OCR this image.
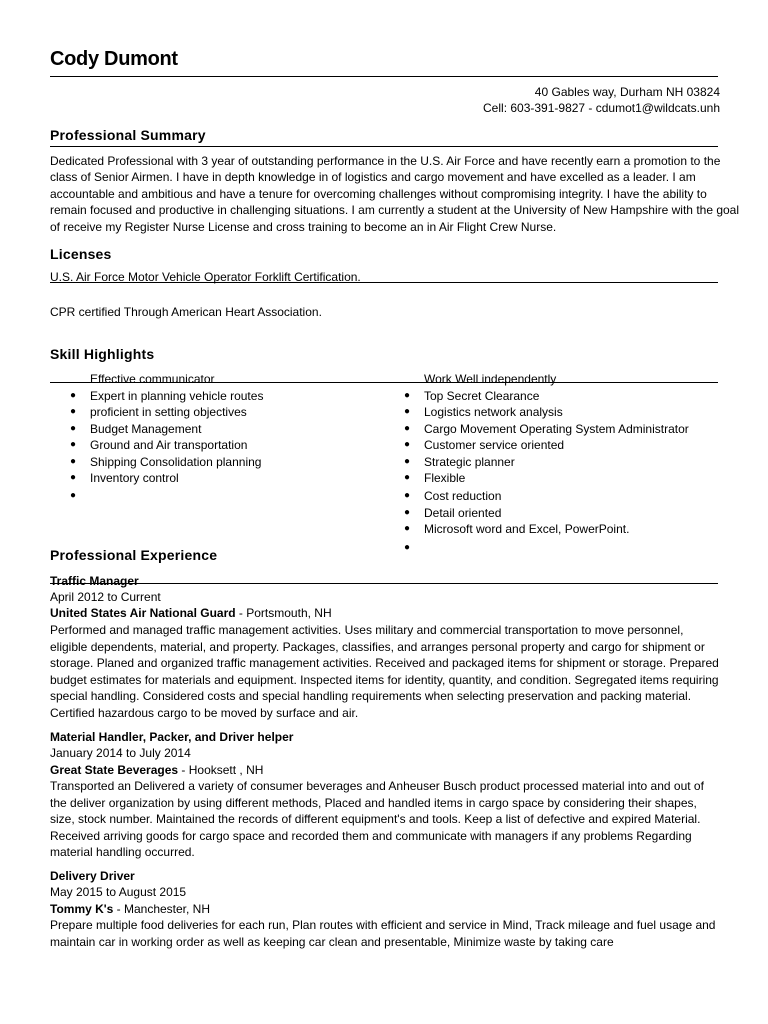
Cody Dumont
40 Gables way, Durham NH 03824
Cell: 603-391-9827 - cdumot1@wildcats.unh
Professional Summary
Dedicated Professional with 3 year of outstanding performance in the U.S. Air Force and have recently earn a promotion to the class of Senior Airmen. I have in depth knowledge in of logistics and cargo movement and have excelled as a leader. I am accountable and ambitious and have a tenure for overcoming challenges without compromising integrity. I have the ability to remain focused and productive in challenging situations. I am currently a student at the University of New Hampshire with the goal of receive my Register Nurse License and cross training to become an in Air Flight Crew Nurse.
Licenses
U.S. Air Force Motor Vehicle Operator Forklift Certification.
CPR certified Through American Heart Association.
Skill Highlights
Effective communicator	Work Well independently
●	Expert in planning vehicle routes
●	proficient in setting objectives
●	Budget Management
●	Ground and Air transportation
●	Shipping Consolidation planning
●	Inventory control
●

●	Top Secret Clearance
●	Logistics network analysis
●	Cargo Movement Operating System Administrator
●	Customer service oriented
●	Strategic planner
●	Flexible
●	Cost reduction
●	Detail oriented
●	Microsoft word and Excel, PowerPoint.
●

Professional Experience
Traffic Manager
April 2012 to Current
United States Air National Guard - Portsmouth, NH
Performed and managed traffic management activities. Uses military and commercial transportation to move personnel, eligible dependents, material, and property. Packages, classifies, and arranges personal property and cargo for shipment or storage. Planed and organized traffic management activities. Received and packaged items for shipment or storage. Prepared budget estimates for materials and equipment. Inspected items for identity, quantity, and condition. Segregated items requiring special handling. Considered costs and special handling requirements when selecting preservation and packing material. Certified hazardous cargo to be moved by surface and air.
Material Handler, Packer, and Driver helper
January 2014 to July 2014
Great State Beverages - Hooksett , NH
Transported an Delivered a variety of consumer beverages and Anheuser Busch product processed material into and out of the deliver organization by using different methods, Placed and handled items in cargo space by considering their shapes, size, stock number. Maintained the records of different equipment's and tools. Keep a list of defective and expired Material. Received arriving goods for cargo space and recorded them and communicate with managers if any problems Regarding material handling occurred.
Delivery Driver
May 2015 to August 2015
Tommy K's - Manchester, NH
Prepare multiple food deliveries for each run, Plan routes with efficient and service in Mind, Track mileage and fuel usage and maintain car in working order as well as keeping car clean and presentable, Minimize waste by taking care
